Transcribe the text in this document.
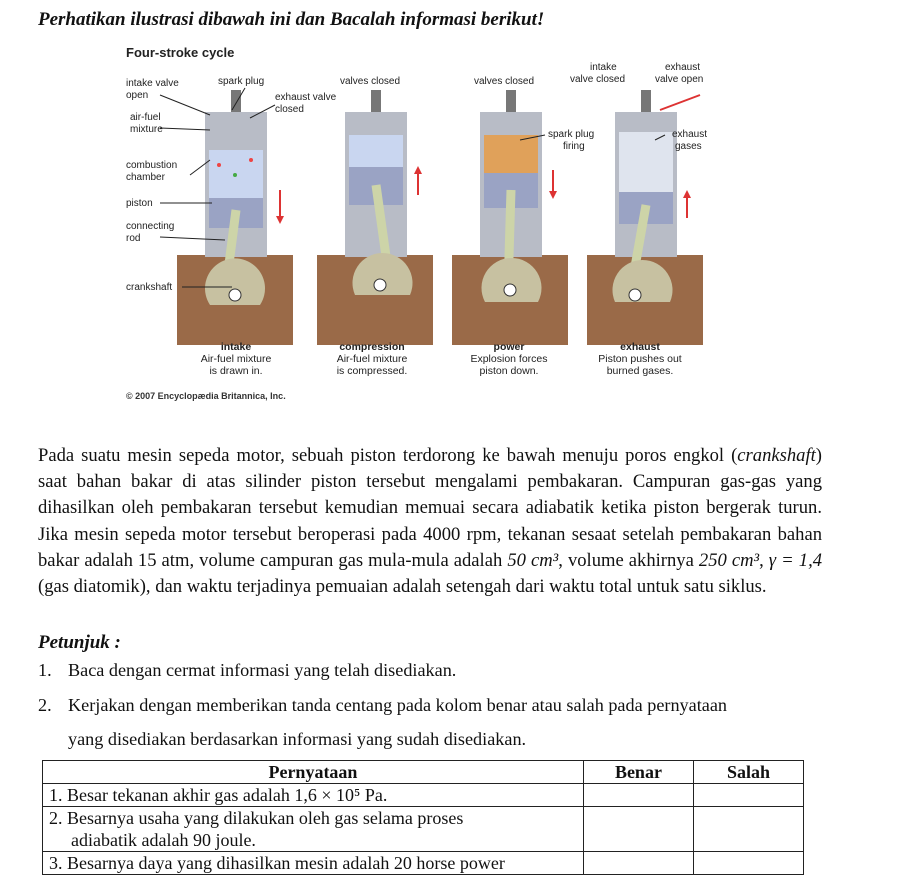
Perhatikan ilustrasi dibawah ini dan Bacalah informasi berikut!
Four-stroke cycle
intake valve
open
spark plug
exhaust valve
closed
air-fuel
mixture
combustion
chamber
piston
connecting
rod
crankshaft
valves closed	valves closed
spark plug
firing
intake
valve closed
exhaust
valve open
exhaust
gases
intake
Air-fuel mixture
is drawn in.
compression
Air-fuel mixture
is compressed.
power
Explosion forces
piston down.
exhaust
Piston pushes out
burned gases.
© 2007 Encyclopædia Britannica, Inc.
Pada suatu mesin sepeda motor, sebuah piston terdorong ke bawah menuju poros engkol (crankshaft) saat bahan bakar di atas silinder piston tersebut mengalami pembakaran. Campuran gas-gas yang dihasilkan oleh pembakaran tersebut kemudian memuai secara adiabatik ketika piston bergerak turun. Jika mesin sepeda motor tersebut beroperasi pada 4000 rpm, tekanan sesaat setelah pembakaran bahan bakar adalah 15 atm, volume campuran gas mula-mula adalah 50 cm³, volume akhirnya 250 cm³, γ = 1,4 (gas diatomik), dan waktu terjadinya pemuaian adalah setengah dari waktu total untuk satu siklus.
Petunjuk :
1. Baca dengan cermat informasi yang telah disediakan.
2. Kerjakan dengan memberikan tanda centang pada kolom benar atau salah pada pernyataan
yang disediakan berdasarkan informasi yang sudah disediakan.
Pernyataan	Benar	Salah
1. Besar tekanan akhir gas adalah 1,6 × 10⁵ Pa.		
2. Besarnya usaha yang dilakukan oleh gas selama proses
adiabatik adalah 90 joule.		
3. Besarnya daya yang dihasilkan mesin adalah 20 horse power		
